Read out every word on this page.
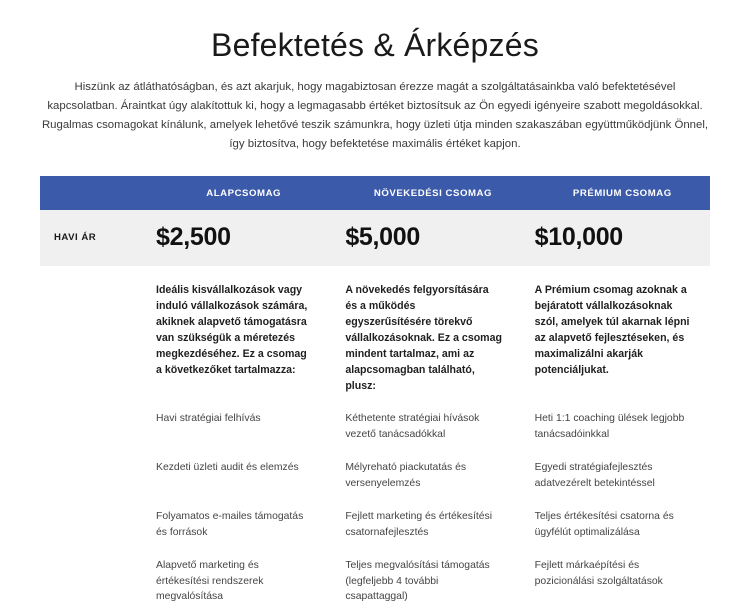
Befektetés & Árképzés

Hiszünk az átláthatóságban, és azt akarjuk, hogy magabiztosan érezze magát a szolgáltatásainkba való befektetésével kapcsolatban. Áraintkat úgy alakítottuk ki, hogy a legmagasabb értéket biztosítsuk az Ön egyedi igényeire szabott megoldásokkal. Rugalmas csomagokat kínálunk, amelyek lehetővé teszik számunkra, hogy üzleti útja minden szakaszában együttműködjünk Önnel, így biztosítva, hogy befektetése maximális értéket kapjon.

	ALAPCSOMAG	NÖVEKEDÉSI CSOMAG	PRÉMIUM CSOMAG

HAVI ÁR	$2,500	$5,000	$10,000

	Ideális kisvállalkozások vagy induló vállalkozások számára, akiknek alapvető támogatásra van szükségük a méretezés megkezdéséhez. Ez a csomag a következőket tartalmazza:	A növekedés felgyorsítására és a működés egyszerűsítésére törekvő vállalkozásoknak. Ez a csomag mindent tartalmaz, ami az alapcsomagban található, plusz:	A Prémium csomag azoknak a bejáratott vállalkozásoknak szól, amelyek túl akarnak lépni az alapvető fejlesztéseken, és maximalizálni akarják potenciáljukat.

	Havi stratégiai felhívás	Kéthetente stratégiai hívások vezető tanácsadókkal	Heti 1:1 coaching ülések legjobb tanácsadóinkkal

	Kezdeti üzleti audit és elemzés	Mélyreható piackutatás és versenyelemzés	Egyedi stratégiafejlesztés adatvezérelt betekintéssel

	Folyamatos e-mailes támogatás és források	Fejlett marketing és értékesítési csatornafejlesztés	Teljes értékesítési csatorna és ügyfélút optimalizálása

	Alapvető marketing és értékesítési rendszerek megvalósítása	Teljes megvalósítási támogatás (legfeljebb 4 további csapattaggal)	Fejlett márkaépítési és pozicionálási szolgáltatások
